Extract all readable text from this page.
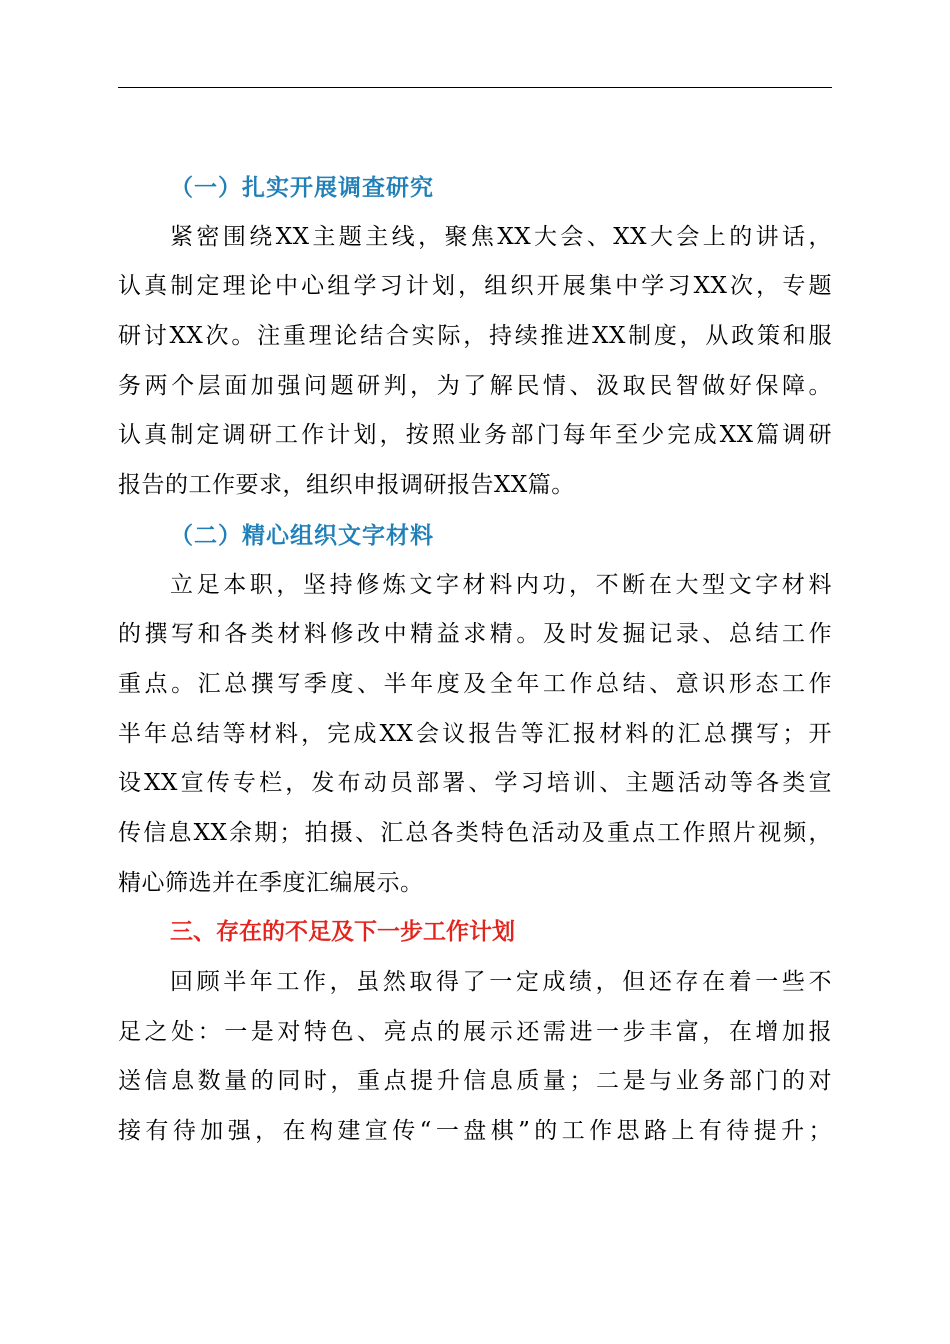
（一）扎实开展调查研究
紧密围绕XX主题主线，聚焦XX大会、XX大会上的讲话，
认真制定理论中心组学习计划，组织开展集中学习XX次，专题
研讨XX次。注重理论结合实际，持续推进XX制度，从政策和服
务两个层面加强问题研判，为了解民情、汲取民智做好保障。
认真制定调研工作计划，按照业务部门每年至少完成XX篇调研
报告的工作要求，组织申报调研报告XX篇。
（二）精心组织文字材料
立足本职，坚持修炼文字材料内功，不断在大型文字材料
的撰写和各类材料修改中精益求精。及时发掘记录、总结工作
重点。汇总撰写季度、半年度及全年工作总结、意识形态工作
半年总结等材料，完成XX会议报告等汇报材料的汇总撰写；开
设XX宣传专栏，发布动员部署、学习培训、主题活动等各类宣
传信息XX余期；拍摄、汇总各类特色活动及重点工作照片视频，
精心筛选并在季度汇编展示。
三、存在的不足及下一步工作计划
回顾半年工作，虽然取得了一定成绩，但还存在着一些不
足之处：一是对特色、亮点的展示还需进一步丰富，在增加报
送信息数量的同时，重点提升信息质量；二是与业务部门的对
接有待加强，在构建宣传“一盘棋”的工作思路上有待提升；
